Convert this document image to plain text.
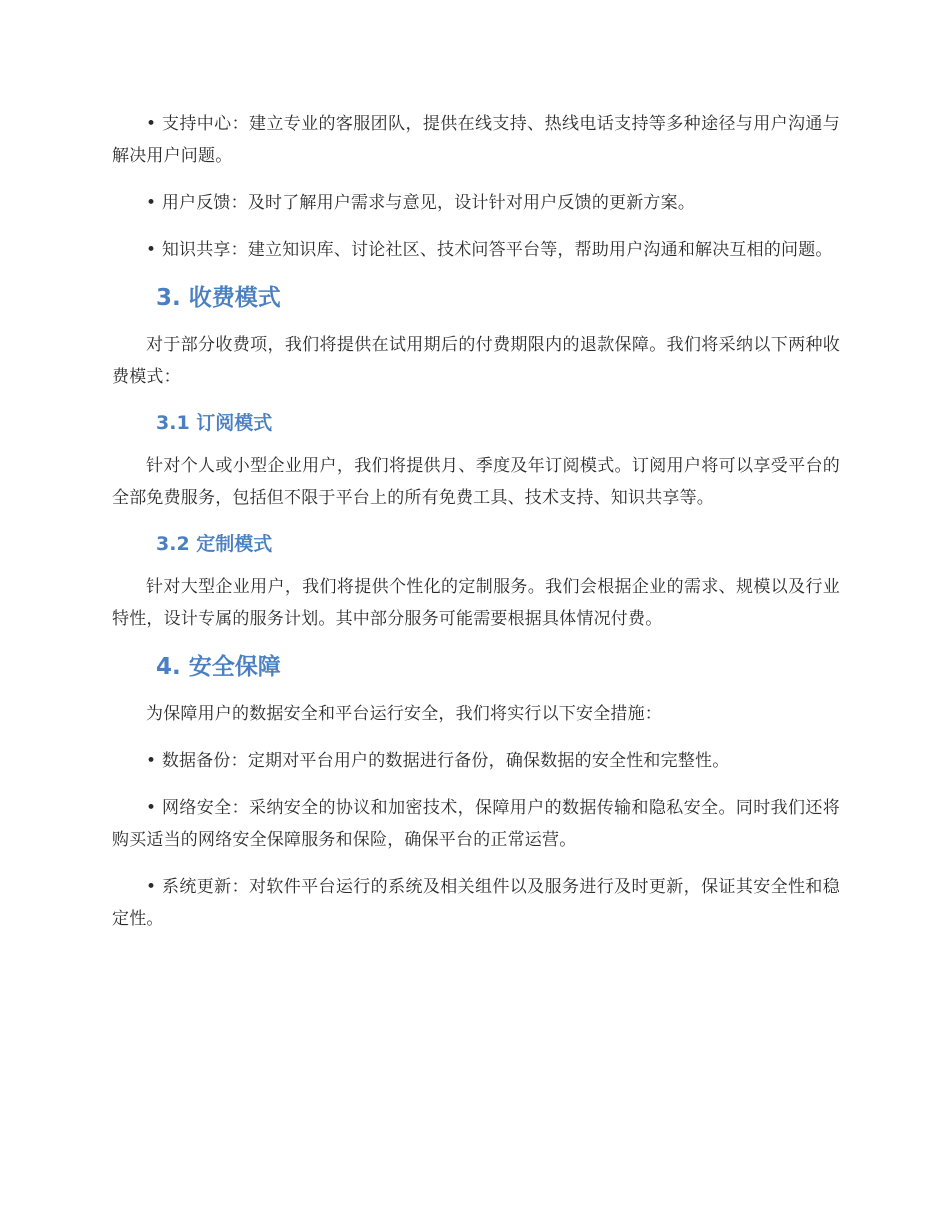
• 支持中心：建立专业的客服团队，提供在线支持、热线电话支持等多种途径与用户沟通与解决用户问题。

• 用户反馈：及时了解用户需求与意见，设计针对用户反馈的更新方案。

• 知识共享：建立知识库、讨论社区、技术问答平台等，帮助用户沟通和解决互相的问题。

3. 收费模式

对于部分收费项，我们将提供在试用期后的付费期限内的退款保障。我们将采纳以下两种收费模式：

3.1 订阅模式

针对个人或小型企业用户，我们将提供月、季度及年订阅模式。订阅用户将可以享受平台的全部免费服务，包括但不限于平台上的所有免费工具、技术支持、知识共享等。

3.2 定制模式

针对大型企业用户，我们将提供个性化的定制服务。我们会根据企业的需求、规模以及行业特性，设计专属的服务计划。其中部分服务可能需要根据具体情况付费。

4. 安全保障

为保障用户的数据安全和平台运行安全，我们将实行以下安全措施：

• 数据备份：定期对平台用户的数据进行备份，确保数据的安全性和完整性。

• 网络安全：采纳安全的协议和加密技术，保障用户的数据传输和隐私安全。同时我们还将购买适当的网络安全保障服务和保险，确保平台的正常运营。

• 系统更新：对软件平台运行的系统及相关组件以及服务进行及时更新，保证其安全性和稳定性。
